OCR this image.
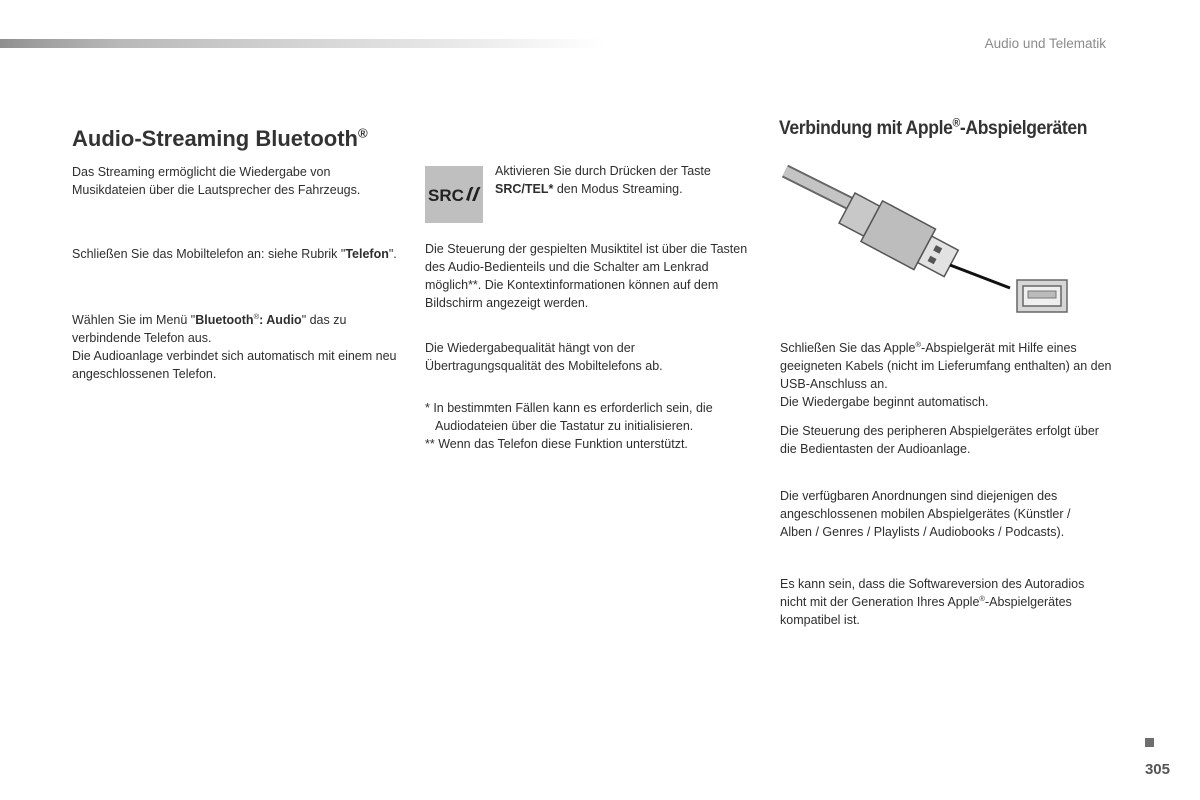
Audio und Telematik
Audio-Streaming Bluetooth®

Das Streaming ermöglicht die Wiedergabe von Musikdateien über die Lautsprecher des Fahrzeugs.

Schließen Sie das Mobiltelefon an: siehe Rubrik "Telefon".

Wählen Sie im Menü "Bluetooth®: Audio" das zu verbindende Telefon aus.
Die Audioanlage verbindet sich automatisch mit einem neu angeschlossenen Telefon.

SRC

Aktivieren Sie durch Drücken der Taste SRC/TEL* den Modus Streaming.

Die Steuerung der gespielten Musiktitel ist über die Tasten des Audio-Bedienteils und die Schalter am Lenkrad möglich**. Die Kontextinformationen können auf dem Bildschirm angezeigt werden.

Die Wiedergabequalität hängt von der Übertragungsqualität des Mobiltelefons ab.

* In bestimmten Fällen kann es erforderlich sein, die
Audiodateien über die Tastatur zu initialisieren.
** Wenn das Telefon diese Funktion unterstützt.

Verbindung mit Apple®-Abspielgeräten

Schließen Sie das Apple®-Abspielgerät mit Hilfe eines geeigneten Kabels (nicht im Lieferumfang enthalten) an den USB-Anschluss an.
Die Wiedergabe beginnt automatisch.

Die Steuerung des peripheren Abspielgerätes erfolgt über die Bedientasten der Audioanlage.

Die verfügbaren Anordnungen sind diejenigen des angeschlossenen mobilen Abspielgerätes (Künstler / Alben / Genres / Playlists / Audiobooks / Podcasts).

Es kann sein, dass die Softwareversion des Autoradios nicht mit der Generation Ihres Apple®-Abspielgerätes kompatibel ist.

305
